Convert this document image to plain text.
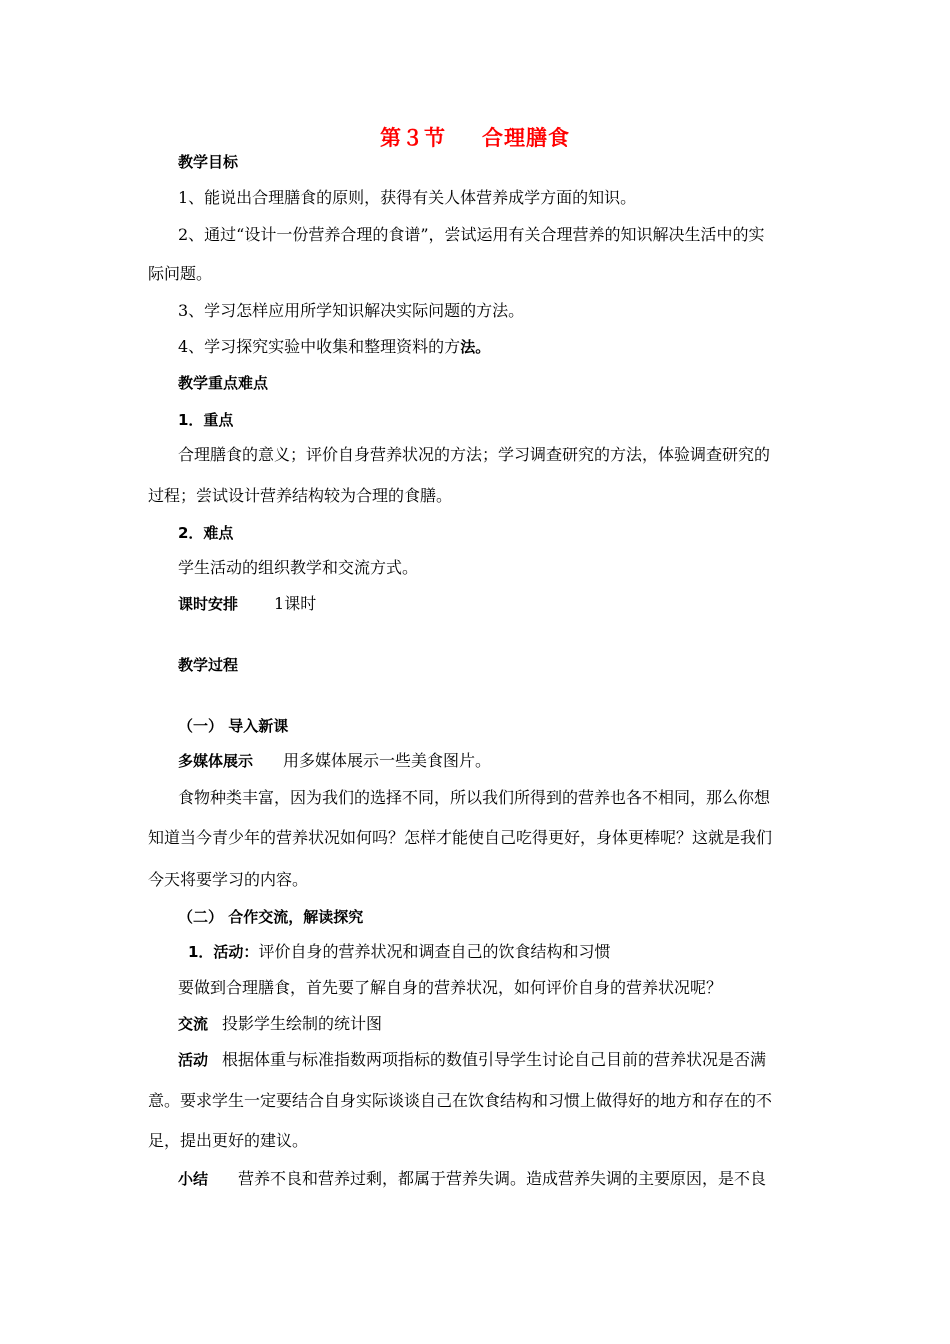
第３节 合理膳食
教学目标
1、能说出合理膳食的原则，获得有关人体营养成学方面的知识。
2、通过“设计一份营养合理的食谱”，尝试运用有关合理营养的知识解决生活中的实
际问题。
3、学习怎样应用所学知识解决实际问题的方法。
4、学习探究实验中收集和整理资料的方法。
教学重点难点
1．重点
合理膳食的意义；评价自身营养状况的方法；学习调查研究的方法，体验调查研究的
过程；尝试设计营养结构较为合理的食膳。
2．难点
学生活动的组织教学和交流方式。
课时安排 1课时
教学过程
（一） 导入新课
多媒体展示 用多媒体展示一些美食图片。
食物种类丰富，因为我们的选择不同，所以我们所得到的营养也各不相同，那么你想
知道当今青少年的营养状况如何吗？怎样才能使自己吃得更好，身体更棒呢？这就是我们
今天将要学习的内容。
（二） 合作交流，解读探究
1．活动：评价自身的营养状况和调查自己的饮食结构和习惯
要做到合理膳食，首先要了解自身的营养状况，如何评价自身的营养状况呢？
交流 投影学生绘制的统计图
活动 根据体重与标准指数两项指标的数值引导学生讨论自己目前的营养状况是否满
意。要求学生一定要结合自身实际谈谈自己在饮食结构和习惯上做得好的地方和存在的不
足，提出更好的建议。
小结 营养不良和营养过剩，都属于营养失调。造成营养失调的主要原因，是不良
